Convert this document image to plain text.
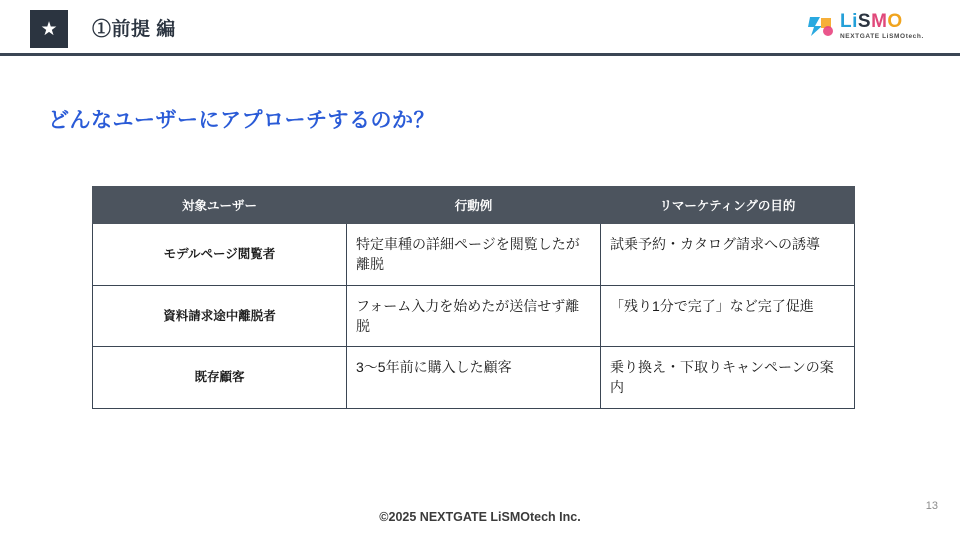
★ ①前提 編	LiSMO
NEXTGATE LiSMOtech.
どんなユーザーにアプローチするのか？
対象ユーザー	行動例	リマーケティングの目的
モデルページ閲覧者	特定車種の詳細ページを閲覧したが離脱	試乗予約・カタログ請求への誘導
資料請求途中離脱者	フォーム入力を始めたが送信せず離脱	「残り1分で完了」など完了促進
既存顧客	3〜5年前に購入した顧客	乗り換え・下取りキャンペーンの案内
©2025 NEXTGATE LiSMOtech Inc.
13
